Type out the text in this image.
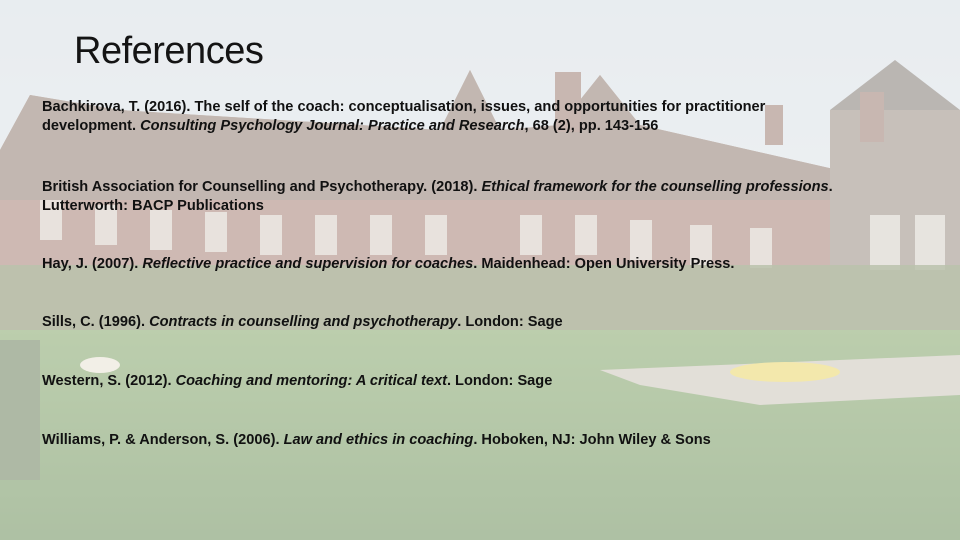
References
Bachkirova, T. (2016). The self of the coach: conceptualisation, issues, and opportunities for practitioner development. Consulting Psychology Journal: Practice and Research, 68 (2), pp. 143-156
British Association for Counselling and Psychotherapy. (2018). Ethical framework for the counselling professions. Lutterworth: BACP Publications
Hay, J. (2007). Reflective practice and supervision for coaches. Maidenhead: Open University Press.
Sills, C. (1996). Contracts in counselling and psychotherapy. London: Sage
Western, S. (2012). Coaching and mentoring: A critical text. London: Sage
Williams, P. & Anderson, S. (2006). Law and ethics in coaching. Hoboken, NJ: John Wiley & Sons
